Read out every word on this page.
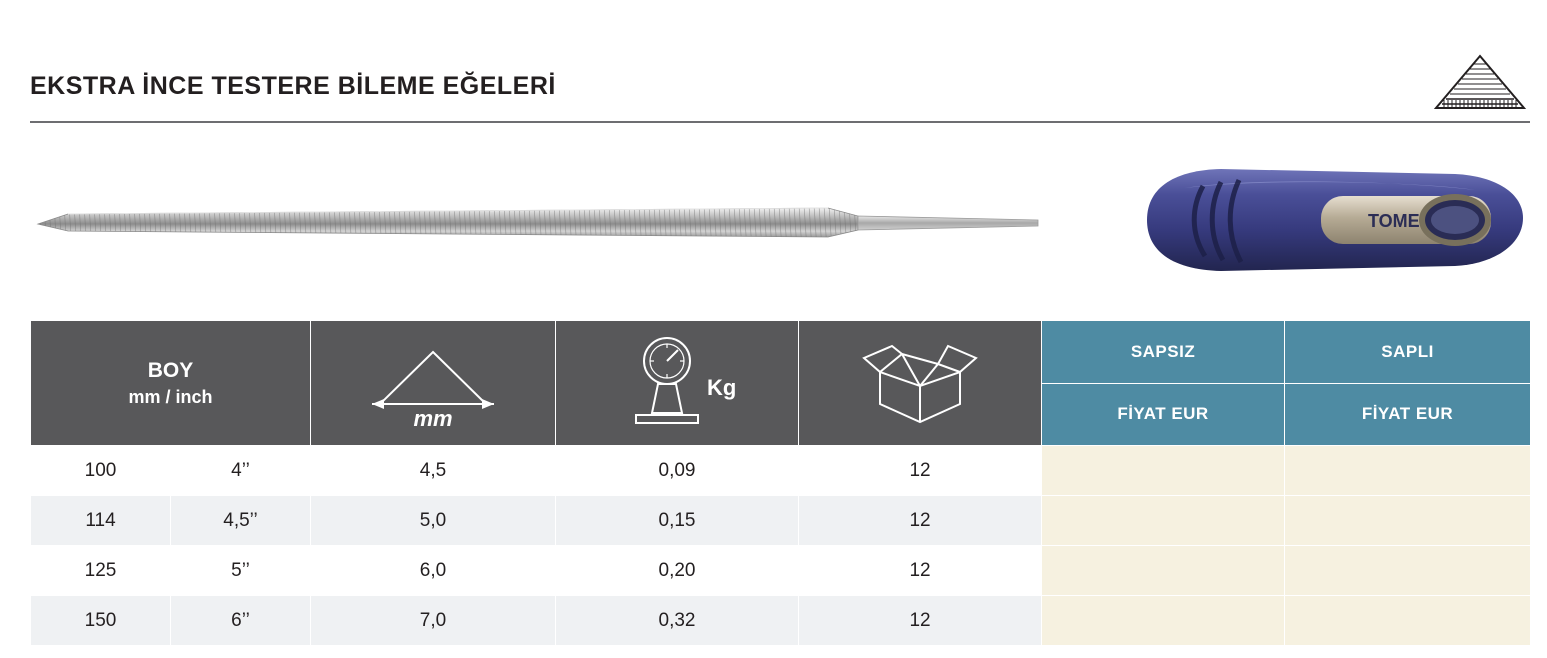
EKSTRA İNCE TESTERE BİLEME EĞELERİ
TOME
BOY
mm / inch		mm	Kg		SAPSIZ	SAPLI
					FİYAT EUR	FİYAT EUR
100	4’’	4,5	0,09	12		
114	4,5’’	5,0	0,15	12		
125	5’’	6,0	0,20	12		
150	6’’	7,0	0,32	12		
